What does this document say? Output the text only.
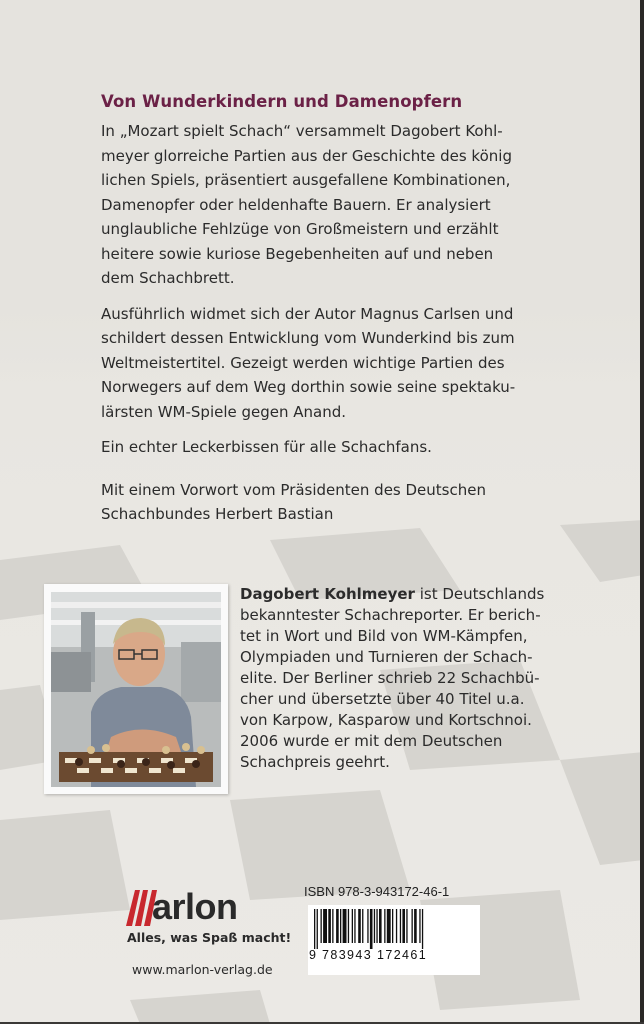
Von Wunderkindern und Damenopfern
In „Mozart spielt Schach“ versammelt Dagobert Kohl-
meyer glorreiche Partien aus der Geschichte des könig
lichen Spiels, präsentiert ausgefallene Kombinationen,
Damenopfer oder heldenhafte Bauern. Er analysiert
unglaubliche Fehlzüge von Großmeistern und erzählt
heitere sowie kuriose Begebenheiten auf und neben
dem Schachbrett.
Ausführlich widmet sich der Autor Magnus Carlsen und
schildert dessen Entwicklung vom Wunderkind bis zum
Weltmeistertitel. Gezeigt werden wichtige Partien des
Norwegers auf dem Weg dorthin sowie seine spektaku-
lärsten WM-Spiele gegen Anand.
Ein echter Leckerbissen für alle Schachfans.
Mit einem Vorwort vom Präsidenten des Deutschen
Schachbundes Herbert Bastian
Dagobert Kohlmeyer ist Deutschlands
bekanntester Schachreporter. Er berich-
tet in Wort und Bild von WM-Kämpfen,
Olympiaden und Turnieren der Schach-
elite. Der Berliner schrieb 22 Schachbü-
cher und übersetzte über 40 Titel u.a.
von Karpow, Kasparow und Kortschnoi.
2006 wurde er mit dem Deutschen
Schachpreis geehrt.
arlon
Alles, was Spaß macht!
www.marlon-verlag.de
ISBN 978-3-943172-46-1
9 783943 172461
